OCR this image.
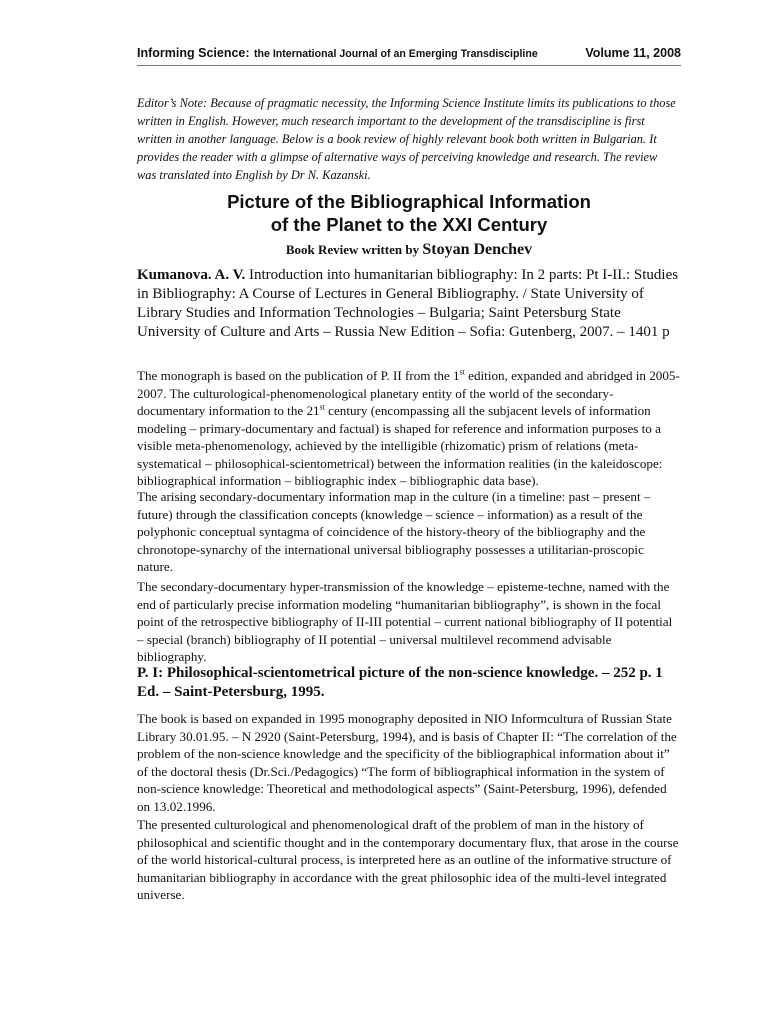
Informing Science: the International Journal of an Emerging Transdiscipline	Volume 11, 2008

Editor’s Note: Because of pragmatic necessity, the Informing Science Institute limits its publications to those written in English. However, much research important to the development of the transdiscipline is first written in another language. Below is a book review of highly relevant book both written in Bulgarian. It provides the reader with a glimpse of alternative ways of perceiving knowledge and research. The review was translated into English by Dr N. Kazanski.

Picture of the Bibliographical Information
of the Planet to the XXI Century

Book Review written by Stoyan Denchev

Kumanova. A. V. Introduction into humanitarian bibliography: In 2 parts: Pt I-II.: Studies in Bibliography: A Course of Lectures in General Bibliography. / State University of Library Studies and Information Technologies – Bulgaria; Saint Petersburg State University of Culture and Arts – Russia New Edition – Sofia: Gutenberg, 2007. – 1401 p

The monograph is based on the publication of P. II from the 1st edition, expanded and abridged in 2005-2007. The culturological-phenomenological planetary entity of the world of the secondary-documentary information to the 21st century (encompassing all the subjacent levels of information modeling – primary-documentary and factual) is shaped for reference and information purposes to a visible meta-phenomenology, achieved by the intelligible (rhizomatic) prism of relations (meta-systematical – philosophical-scientometrical) between the information realities (in the kaleidoscope: bibliographical information – bibliographic index – bibliographic data base).

The arising secondary-documentary information map in the culture (in a timeline: past – present – future) through the classification concepts (knowledge – science – information) as a result of the polyphonic conceptual syntagma of coincidence of the history-theory of the bibliography and the chronotope-synarchy of the international universal bibliography possesses a utilitarian-proscopic nature.

The secondary-documentary hyper-transmission of the knowledge – episteme-techne, named with the end of particularly precise information modeling “humanitarian bibliography”, is shown in the focal point of the retrospective bibliography of II-III potential – current national bibliography of II potential – special (branch) bibliography of II potential – universal multilevel recommend advisable bibliography.

P. I: Philosophical-scientometrical picture of the non-science knowledge. – 252 p. 1 Ed. – Saint-Petersburg, 1995.

The book is based on expanded in 1995 monography deposited in NIO Informcultura of Russian State Library 30.01.95. – N 2920 (Saint-Petersburg, 1994), and is basis of Chapter II: “The correlation of the problem of the non-science knowledge and the specificity of the bibliographical information about it” of the doctoral thesis (Dr.Sci./Pedagogics) “The form of bibliographical information in the system of non-science knowledge: Theoretical and methodological aspects” (Saint-Petersburg, 1996), defended on 13.02.1996.

The presented culturological and phenomenological draft of the problem of man in the history of philosophical and scientific thought and in the contemporary documentary flux, that arose in the course of the world historical-cultural process, is interpreted here as an outline of the informative structure of humanitarian bibliography in accordance with the great philosophic idea of the multi-level integrated universe.
